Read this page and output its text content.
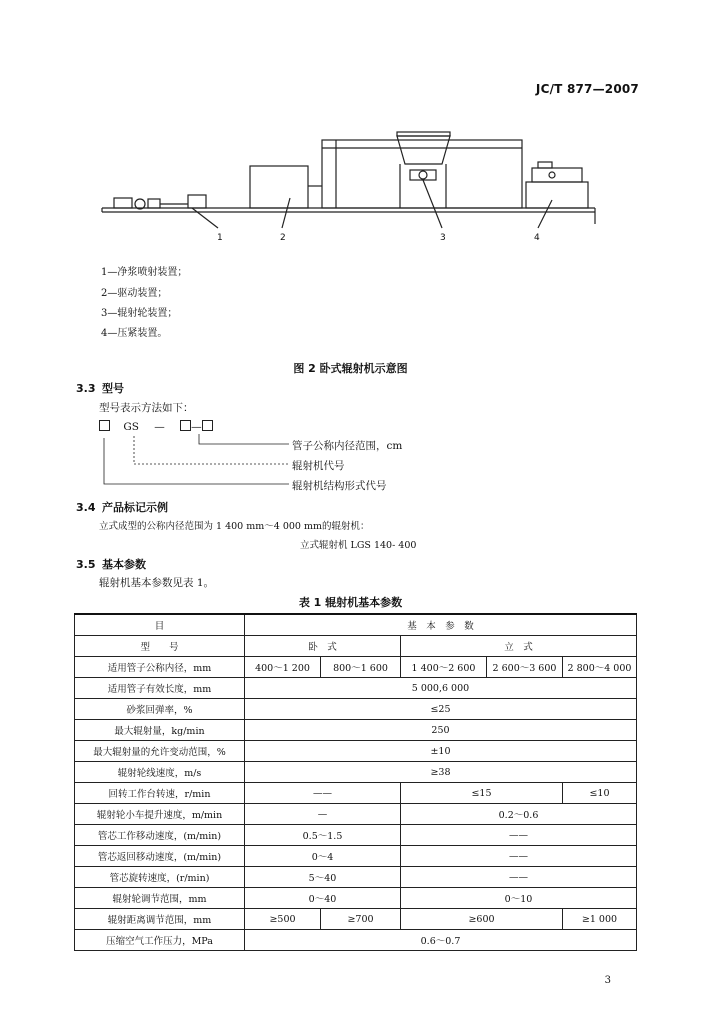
JC/T 877—2007
1	2	3	4
1—净浆喷射装置；
2—驱动装置；
3—辊射轮装置；
4—压紧装置。
图 2 卧式辊射机示意图
3.3 型号
型号表示方法如下：
GS —	—
管子公称内径范围，cm
辊射机代号
辊射机结构形式代号
3.4 产品标记示例
立式成型的公称内径范围为 1 400 mm～4 000 mm的辊射机：
立式辊射机 LGS 140- 400
3.5 基本参数
辊射机基本参数见表 1。
表 1 辊射机基本参数
目	基　本　参　数				
型　　号	卧　式		立　式		
适用管子公称内径，mm	400～1 200	800～1 600	1 400～2 600	2 600～3 600	2 800～4 000
适用管子有效长度，mm	5 000,6 000				
砂浆回弹率，%	≤25				
最大辊射量，kg/min	250				
最大辊射量的允许变动范围，%	±10				
辊射轮线速度，m/s	≥38				
回转工作台转速，r/min	——		≤15		≤10
辊射轮小车提升速度，m/min	—		0.2～0.6		
管芯工作移动速度，(m/min)	0.5～1.5		——		
管芯返回移动速度，(m/min)	0～4		——		
管芯旋转速度，(r/min)	5～40		——		
辊射轮调节范围，mm	0～40		0～10		
辊射距离调节范围，mm	≥500	≥700	≥600		≥1 000
压缩空气工作压力，MPa	0.6～0.7				
3
